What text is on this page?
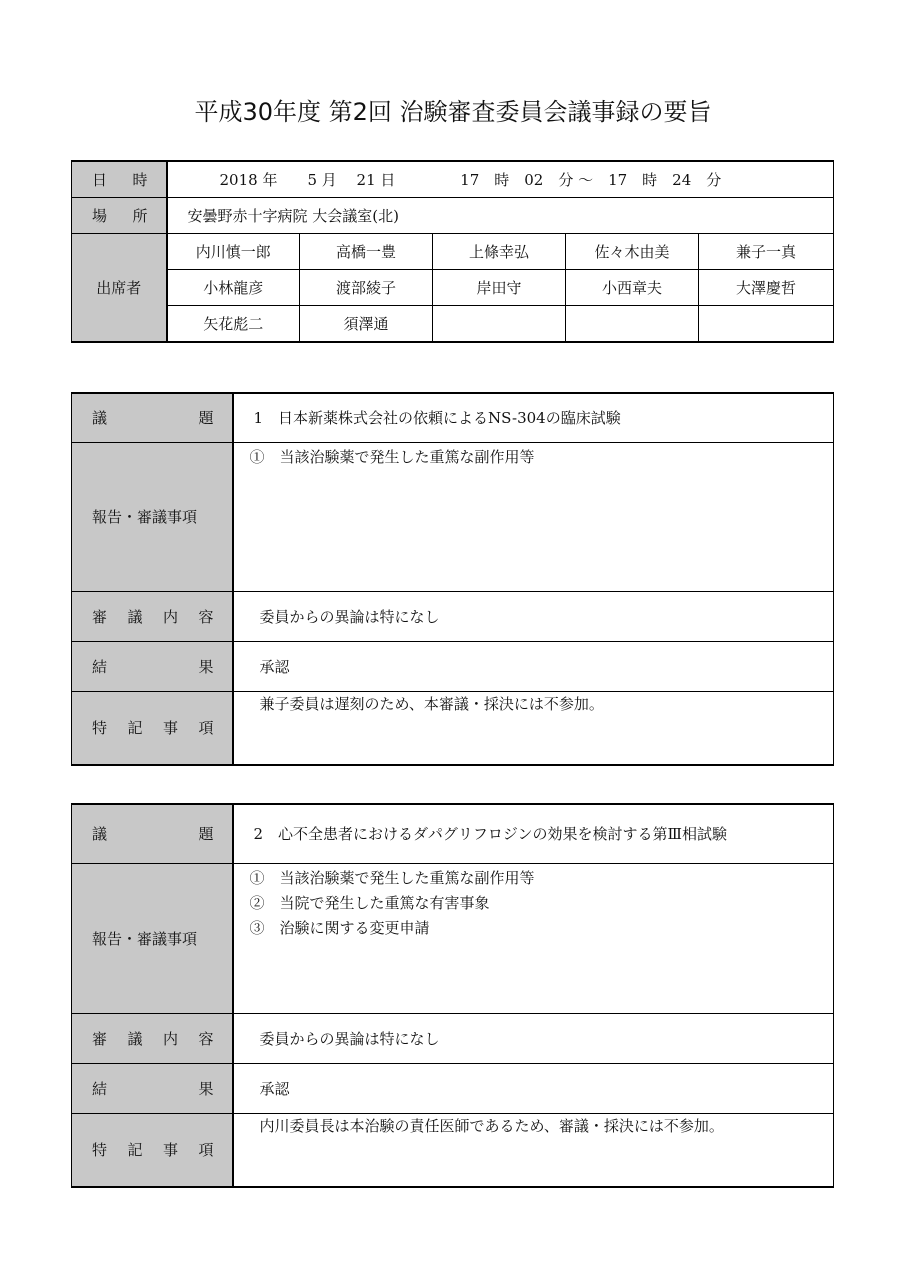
平成30年度 第2回 治験審査委員会議事録の要旨
日 時	2018 年　　5 月　 21 日　　　　 17　時　02　分 ～　17　時　24　分				

場 所	安曇野赤十字病院 大会議室(北)				
出席者	内川慎一郎	高橋一豊	上條幸弘	佐々木由美	兼子一真
	小林龍彦	渡部綾子	岸田守	小西章夫	大澤慶哲
	矢花彪二	須澤通			
議 題	1　日本新薬株式会社の依頼によるNS-304の臨床試験
報告・審議事項	①　当該治験薬で発生した重篤な副作用等

審 議 内 容	委員からの異論は特になし

結 果	承認

特 記 事 項	兼子委員は遅刻のため、本審議・採決には不参加。
議 題	2　心不全患者におけるダパグリフロジンの効果を検討する第Ⅲ相試験
報告・審議事項	①　当該治験薬で発生した重篤な副作用等
②　当院で発生した重篤な有害事象
③　治験に関する変更申請

審 議 内 容	委員からの異論は特になし

結 果	承認

特 記 事 項	内川委員長は本治験の責任医師であるため、審議・採決には不参加。
